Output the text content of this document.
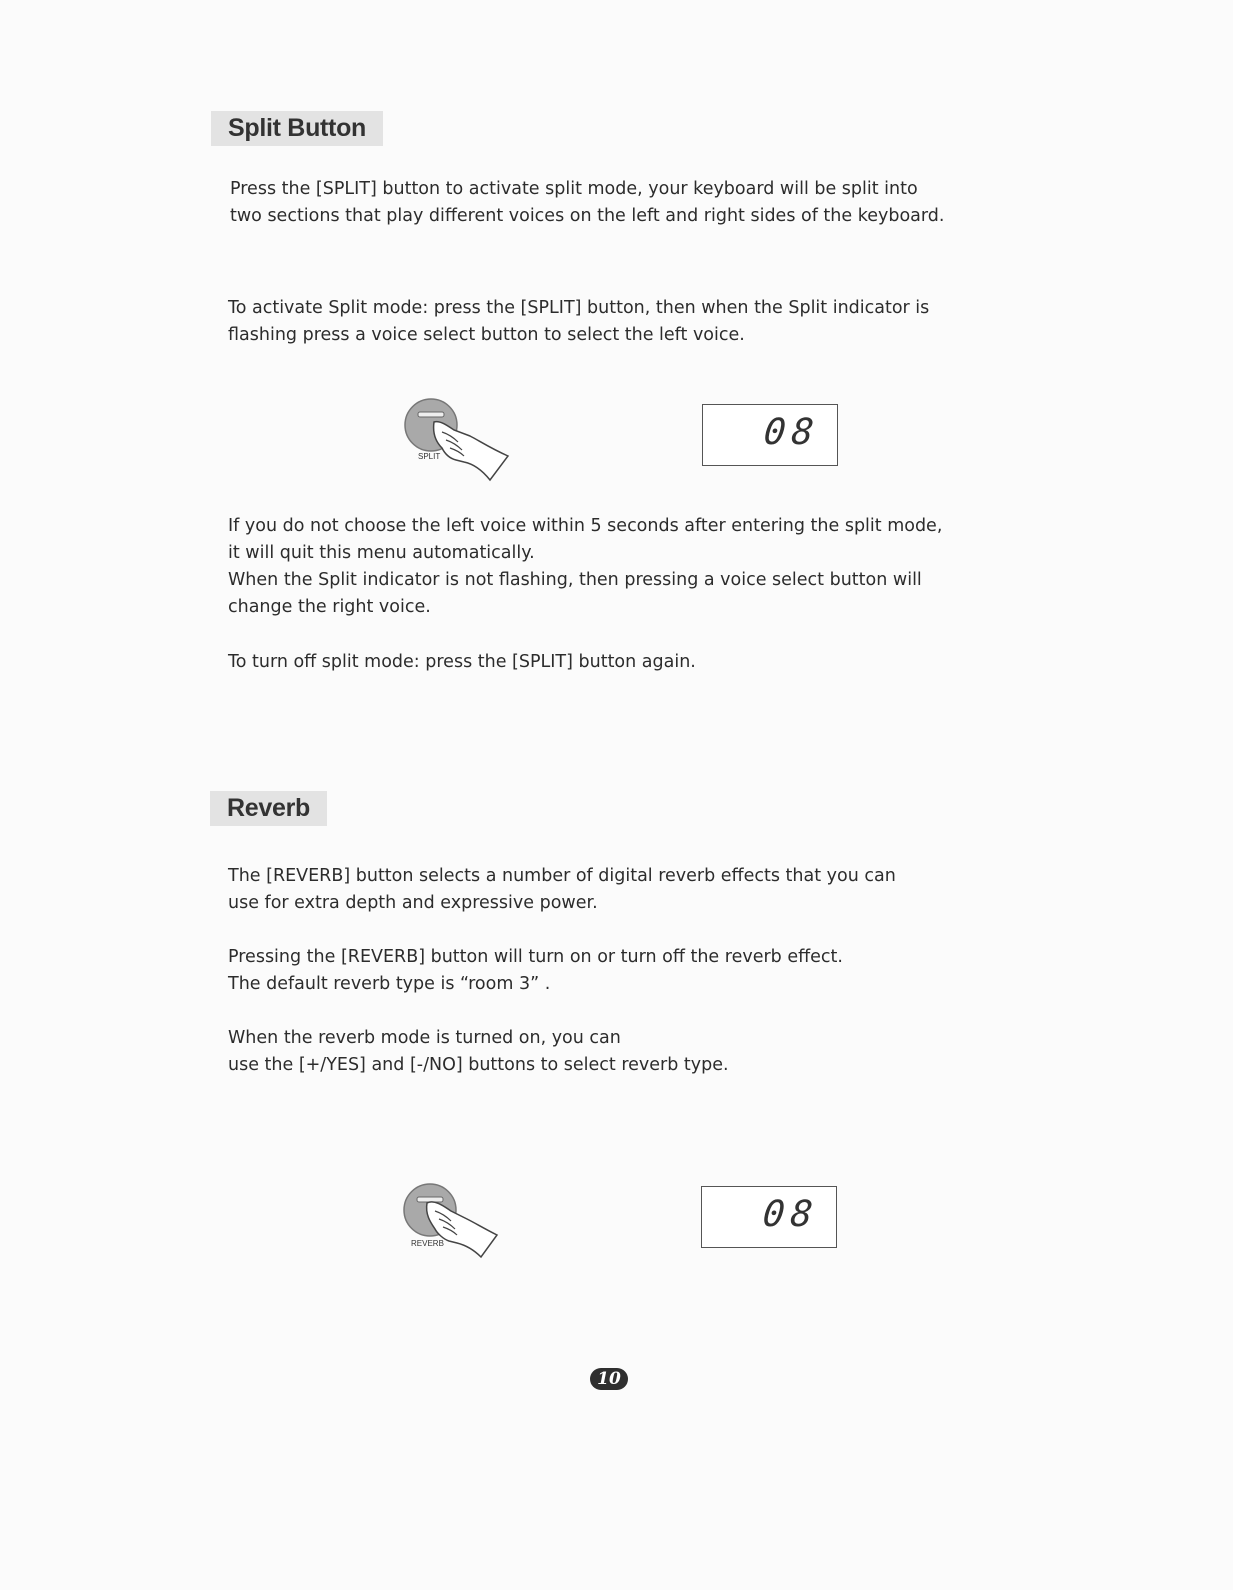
Split Button

Press the [SPLIT] button to activate split mode, your keyboard will be split into
two sections that play different voices on the left and right sides of the keyboard.

To activate Split mode: press the [SPLIT] button, then when the Split indicator is
flashing press a voice select button to select the left voice.

SPLIT
08

If you do not choose the left voice within 5 seconds after entering the split mode,
it will quit this menu automatically.
When the Split indicator is not flashing, then pressing a voice select button will
change the right voice.

To turn off split mode: press the [SPLIT] button again.

Reverb

The [REVERB] button selects a number of digital reverb effects that you can
use for extra depth and expressive power.

Pressing the [REVERB] button will turn on or turn off the reverb effect.
The default reverb type is “room 3” .

When the reverb mode is turned on, you can
use the [+/YES] and [-/NO] buttons to select reverb type.

REVERB
08
10
